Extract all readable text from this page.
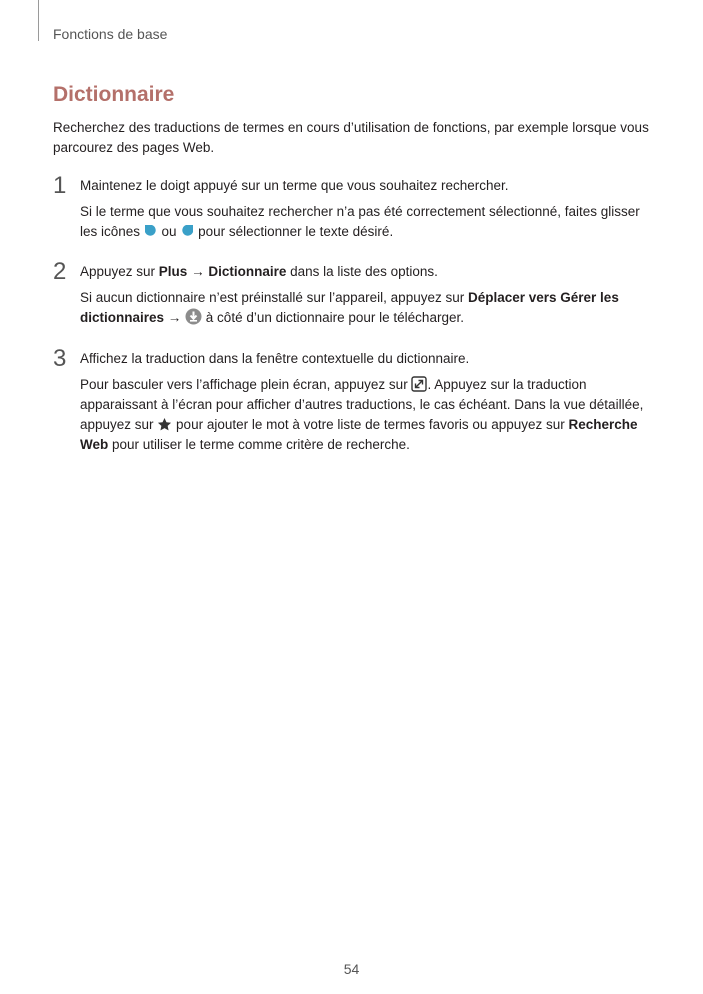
Fonctions de base
Dictionnaire

Recherchez des traductions de termes en cours d’utilisation de fonctions, par exemple lorsque vous parcourez des pages Web.

1 Maintenez le doigt appuyé sur un terme que vous souhaitez rechercher.

Si le terme que vous souhaitez rechercher n’a pas été correctement sélectionné, faites glisser les icônes  ou  pour sélectionner le texte désiré.

2 Appuyez sur Plus → Dictionnaire dans la liste des options.

Si aucun dictionnaire n’est préinstallé sur l’appareil, appuyez sur Déplacer vers Gérer les dictionnaires →  à côté d’un dictionnaire pour le télécharger.

3 Affichez la traduction dans la fenêtre contextuelle du dictionnaire.

Pour basculer vers l’affichage plein écran, appuyez sur . Appuyez sur la traduction apparaissant à l’écran pour afficher d’autres traductions, le cas échéant. Dans la vue détaillée, appuyez sur  pour ajouter le mot à votre liste de termes favoris ou appuyez sur Recherche Web pour utiliser le terme comme critère de recherche.

54
